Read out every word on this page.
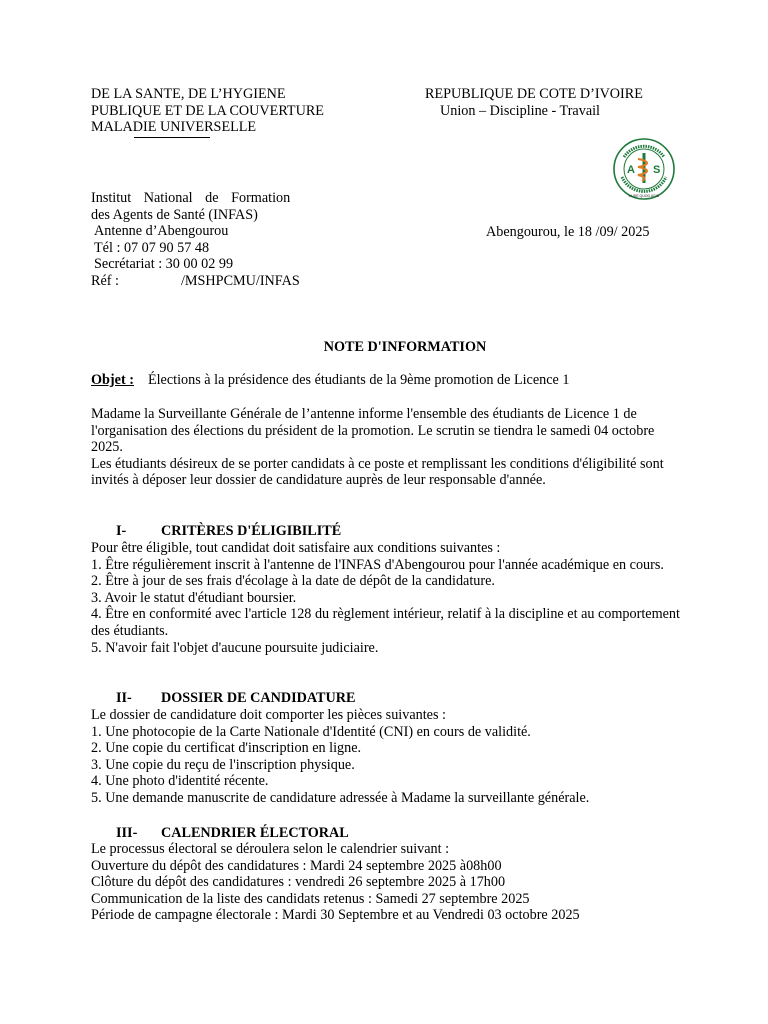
DE LA SANTE, DE L’HYGIENE
PUBLIQUE ET DE LA COUVERTURE
MALADIE UNIVERSELLE
REPUBLIQUE DE COTE D’IVOIRE
Union – Discipline - Travail
A S
AUDE QUOD AGIS
Institut National de Formation
des Agents de Santé (INFAS)
Antenne d’Abengourou
Tél : 07 07 90 57 48
Secrétariat : 30 00 02 99
Réf :	/MSHPCMU/INFAS
Abengourou, le 18 /09/ 2025
NOTE D'INFORMATION
Objet : Élections à la présidence des étudiants de la 9ème promotion de Licence 1
Madame la Surveillante Générale de l’antenne informe l'ensemble des étudiants de Licence 1 de l'organisation des élections du président de la promotion. Le scrutin se tiendra le samedi 04 octobre 2025.
Les étudiants désireux de se porter candidats à ce poste et remplissant les conditions d'éligibilité sont invités à déposer leur dossier de candidature auprès de leur responsable d'année.
I- CRITÈRES D'ÉLIGIBILITÉ
Pour être éligible, tout candidat doit satisfaire aux conditions suivantes :
1. Être régulièrement inscrit à l'antenne de l'INFAS d'Abengourou pour l'année académique en cours.
2. Être à jour de ses frais d'écolage à la date de dépôt de la candidature.
3. Avoir le statut d'étudiant boursier.
4. Être en conformité avec l'article 128 du règlement intérieur, relatif à la discipline et au comportement des étudiants.
5. N'avoir fait l'objet d'aucune poursuite judiciaire.
II- DOSSIER DE CANDIDATURE
Le dossier de candidature doit comporter les pièces suivantes :
1. Une photocopie de la Carte Nationale d'Identité (CNI) en cours de validité.
2. Une copie du certificat d'inscription en ligne.
3. Une copie du reçu de l'inscription physique.
4. Une photo d'identité récente.
5. Une demande manuscrite de candidature adressée à Madame la surveillante générale.
III- CALENDRIER ÉLECTORAL
Le processus électoral se déroulera selon le calendrier suivant :
Ouverture du dépôt des candidatures : Mardi 24 septembre 2025 à08h00
Clôture du dépôt des candidatures : vendredi 26 septembre 2025 à 17h00
Communication de la liste des candidats retenus : Samedi 27 septembre 2025
Période de campagne électorale : Mardi 30 Septembre et au Vendredi 03 octobre 2025
